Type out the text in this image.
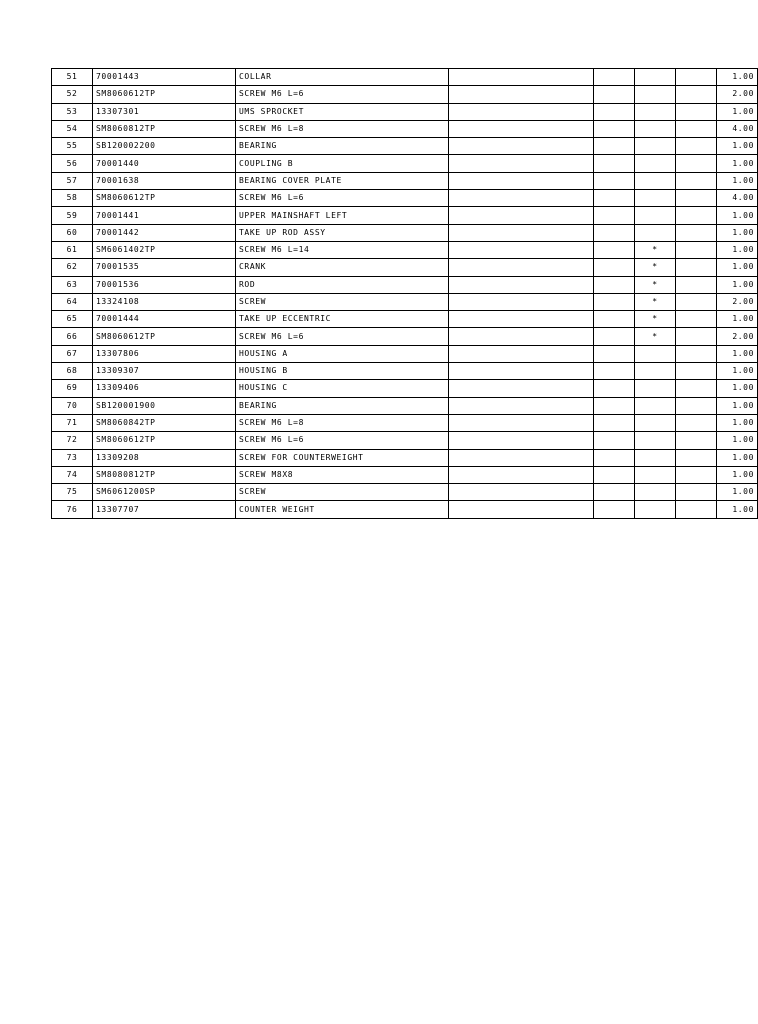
51	70001443	COLLAR					1.00
52	SM8060612TP	SCREW M6 L=6					2.00
53	13307301	UMS SPROCKET					1.00
54	SM8060812TP	SCREW M6 L=8					4.00
55	SB120002200	BEARING					1.00
56	70001440	COUPLING B					1.00
57	70001638	BEARING COVER PLATE					1.00
58	SM8060612TP	SCREW M6 L=6					4.00
59	70001441	UPPER MAINSHAFT LEFT					1.00
60	70001442	TAKE UP ROD ASSY					1.00
61	SM6061402TP	SCREW M6 L=14			*		1.00
62	70001535	CRANK			*		1.00
63	70001536	ROD			*		1.00
64	13324108	SCREW			*		2.00
65	70001444	TAKE UP ECCENTRIC			*		1.00
66	SM8060612TP	SCREW M6 L=6			*		2.00
67	13307806	HOUSING A					1.00
68	13309307	HOUSING B					1.00
69	13309406	HOUSING C					1.00
70	SB120001900	BEARING					1.00
71	SM8060842TP	SCREW M6 L=8					1.00
72	SM8060612TP	SCREW M6 L=6					1.00
73	13309208	SCREW FOR COUNTERWEIGHT					1.00
74	SM8080812TP	SCREW M8X8					1.00
75	SM6061200SP	SCREW					1.00
76	13307707	COUNTER WEIGHT					1.00
